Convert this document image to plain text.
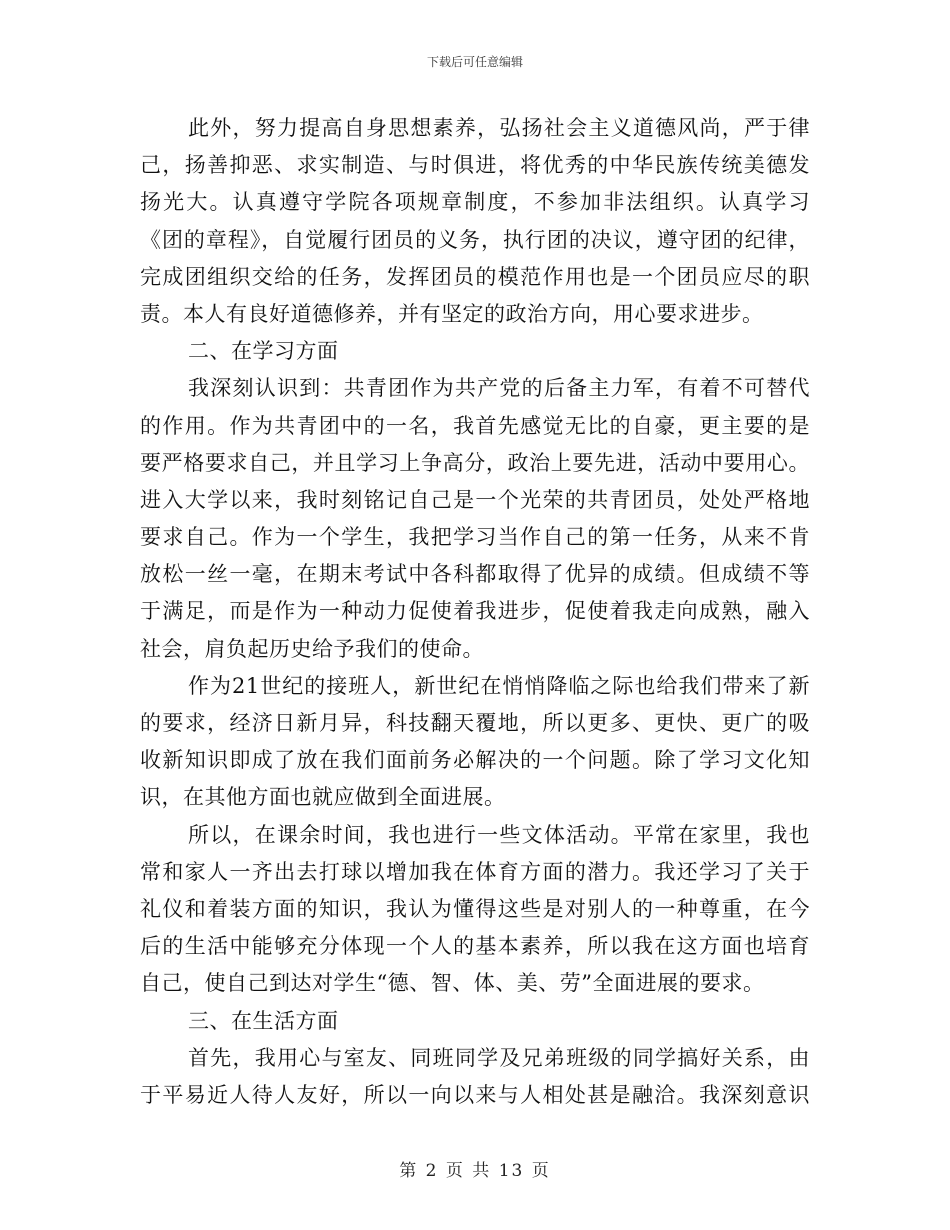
下载后可任意编辑
此外，努力提高自身思想素养，弘扬社会主义道德风尚，严于律
己，扬善抑恶、求实制造、与时俱进，将优秀的中华民族传统美德发
扬光大。认真遵守学院各项规章制度，不参加非法组织。认真学习
《团的章程》，自觉履行团员的义务，执行团的决议，遵守团的纪律，
完成团组织交给的任务，发挥团员的模范作用也是一个团员应尽的职
责。本人有良好道德修养，并有坚定的政治方向，用心要求进步。
二、在学习方面
我深刻认识到：共青团作为共产党的后备主力军，有着不可替代
的作用。作为共青团中的一名，我首先感觉无比的自豪，更主要的是
要严格要求自己，并且学习上争高分，政治上要先进，活动中要用心。
进入大学以来，我时刻铭记自己是一个光荣的共青团员，处处严格地
要求自己。作为一个学生，我把学习当作自己的第一任务，从来不肯
放松一丝一毫，在期末考试中各科都取得了优异的成绩。但成绩不等
于满足，而是作为一种动力促使着我进步，促使着我走向成熟，融入
社会，肩负起历史给予我们的使命。
作为21世纪的接班人，新世纪在悄悄降临之际也给我们带来了新
的要求，经济日新月异，科技翻天覆地，所以更多、更快、更广的吸
收新知识即成了放在我们面前务必解决的一个问题。除了学习文化知
识，在其他方面也就应做到全面进展。
所以，在课余时间，我也进行一些文体活动。平常在家里，我也
常和家人一齐出去打球以增加我在体育方面的潜力。我还学习了关于
礼仪和着装方面的知识，我认为懂得这些是对别人的一种尊重，在今
后的生活中能够充分体现一个人的基本素养，所以我在这方面也培育
自己，使自己到达对学生“德、智、体、美、劳”全面进展的要求。
三、在生活方面
首先，我用心与室友、同班同学及兄弟班级的同学搞好关系，由
于平易近人待人友好，所以一向以来与人相处甚是融洽。我深刻意识
第 2 页 共 13 页
